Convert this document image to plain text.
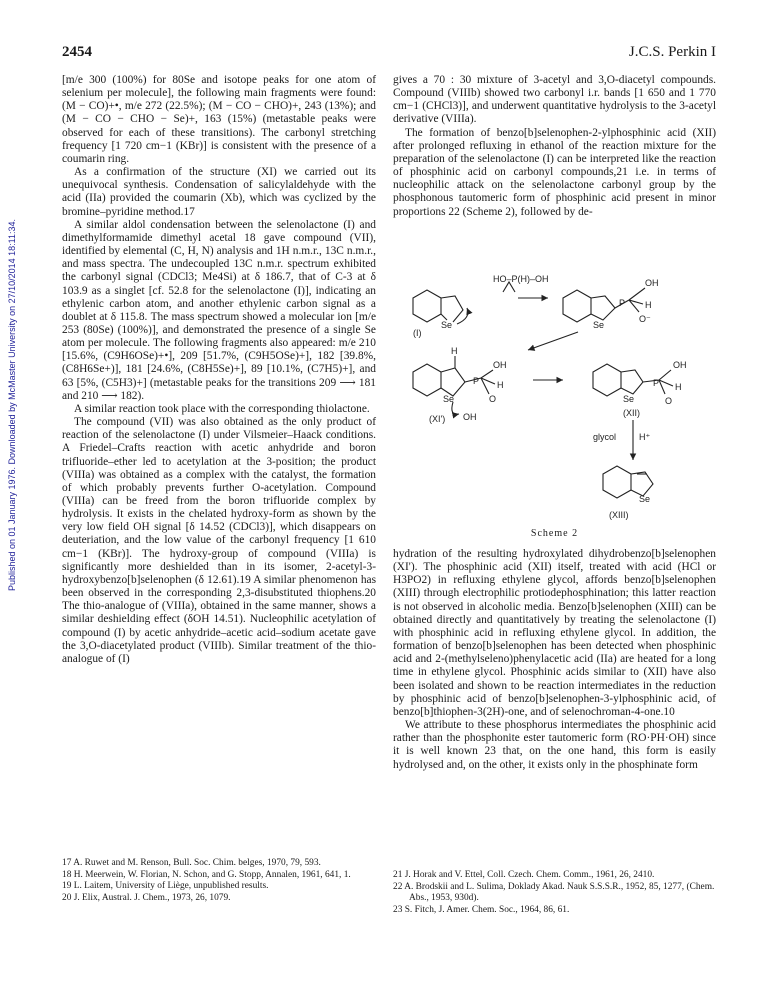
2454	J.C.S. Perkin I
Published on 01 January 1976. Downloaded by McMaster University on 27/10/2014 18:11:34.

[m/e 300 (100%) for 80Se and isotope peaks for one atom of selenium per molecule], the following main fragments were found: (M − CO)+•, m/e 272 (22.5%); (M − CO − CHO)+, 243 (13%); and (M − CO − CHO − Se)+, 163 (15%) (metastable peaks were observed for each of these transitions). The carbonyl stretching frequency [1 720 cm−1 (KBr)] is consistent with the presence of a coumarin ring.

As a confirmation of the structure (XI) we carried out its unequivocal synthesis. Condensation of salicylaldehyde with the acid (IIa) provided the coumarin (Xb), which was cyclized by the bromine–pyridine method.17

A similar aldol condensation between the selenolactone (I) and dimethylformamide dimethyl acetal 18 gave compound (VII), identified by elemental (C, H, N) analysis and 1H n.m.r., 13C n.m.r., and mass spectra. The undecoupled 13C n.m.r. spectrum exhibited the carbonyl signal (CDCl3; Me4Si) at δ 186.7, that of C-3 at δ 103.9 as a singlet [cf. 52.8 for the selenolactone (I)], indicating an ethylenic carbon atom, and another ethylenic carbon signal as a doublet at δ 115.8. The mass spectrum showed a molecular ion [m/e 253 (80Se) (100%)], and demonstrated the presence of a single Se atom per molecule. The following fragments also appeared: m/e 210 [15.6%, (C9H6OSe)+•], 209 [51.7%, (C9H5OSe)+], 182 [39.8%, (C8H6Se+)], 181 [24.6%, (C8H5Se)+], 89 [10.1%, (C7H5)+], and 63 [5%, (C5H3)+] (metastable peaks for the transitions 209 ⟶ 181 and 210 ⟶ 182).

A similar reaction took place with the corresponding thiolactone.

The compound (VII) was also obtained as the only product of reaction of the selenolactone (I) under Vilsmeier–Haack conditions. A Friedel–Crafts reaction with acetic anhydride and boron trifluoride–ether led to acetylation at the 3-position; the product (VIIIa) was obtained as a complex with the catalyst, the formation of which probably prevents further O-acetylation. Compound (VIIIa) can be freed from the boron trifluoride complex by hydrolysis. It exists in the chelated hydroxy-form as shown by the very low field OH signal [δ 14.52 (CDCl3)], which disappears on deuteriation, and the low value of the carbonyl frequency [1 610 cm−1 (KBr)]. The hydroxy-group of compound (VIIIa) is significantly more deshielded than in its isomer, 2-acetyl-3-hydroxybenzo[b]selenophen (δ 12.61).19 A similar phenomenon has been observed in the corresponding 2,3-disubstituted thiophens.20 The thio-analogue of (VIIIa), obtained in the same manner, shows a similar deshielding effect (δOH 14.51). Nucleophilic acetylation of compound (I) by acetic anhydride–acetic acid–sodium acetate gave the 3,O-diacetylated product (VIIIb). Similar treatment of the thio-analogue of (I)

gives a 70 : 30 mixture of 3-acetyl and 3,O-diacetyl compounds. Compound (VIIIb) showed two carbonyl i.r. bands [1 650 and 1 770 cm−1 (CHCl3)], and underwent quantitative hydrolysis to the 3-acetyl derivative (VIIIa).

The formation of benzo[b]selenophen-2-ylphosphinic acid (XII) after prolonged refluxing in ethanol of the reaction mixture for the preparation of the selenolactone (I) can be interpreted like the reaction of phosphinic acid on carbonyl compounds,21 i.e. in terms of nucleophilic attack on the selenolactone carbonyl group by the phosphonous tautomeric form of phosphinic acid present in minor proportions 22 (Scheme 2), followed by de-

HO–P(H)–OH
Se
(I)
Se
P
OH
H
O⁻
H
Se
P
OH
H
O
OH
(XI')
Se
P
OH
H
O
(XII)
glycol	H⁺
Se
(XIII)
Scheme 2

hydration of the resulting hydroxylated dihydrobenzo[b]selenophen (XI'). The phosphinic acid (XII) itself, treated with acid (HCl or H3PO2) in refluxing ethylene glycol, affords benzo[b]selenophen (XIII) through electrophilic protiodephosphination; this latter reaction is not observed in alcoholic media. Benzo[b]selenophen (XIII) can be obtained directly and quantitatively by treating the selenolactone (I) with phosphinic acid in refluxing ethylene glycol. In addition, the formation of benzo[b]selenophen has been detected when phosphinic acid and 2-(methylseleno)phenylacetic acid (IIa) are heated for a long time in ethylene glycol. Phosphinic acids similar to (XII) have also been isolated and shown to be reaction intermediates in the reduction by phosphinic acid of benzo[b]selenophen-3-ylphosphinic acid, of benzo[b]thiophen-3(2H)-one, and of selenochroman-4-one.10

We attribute to these phosphorus intermediates the phosphinic acid rather than the phosphonite ester tautomeric form (RO·PH·OH) since it is well known 23 that, on the one hand, this form is easily hydrolysed and, on the other, it exists only in the phosphinate form

17 A. Ruwet and M. Renson, Bull. Soc. Chim. belges, 1970, 79, 593.

18 H. Meerwein, W. Florian, N. Schon, and G. Stopp, Annalen, 1961, 641, 1.

19 L. Laitem, University of Liège, unpublished results.

20 J. Elix, Austral. J. Chem., 1973, 26, 1079.

21 J. Horak and V. Ettel, Coll. Czech. Chem. Comm., 1961, 26, 2410.

22 A. Brodskii and L. Sulima, Doklady Akad. Nauk S.S.S.R., 1952, 85, 1277, (Chem. Abs., 1953, 930d).

23 S. Fitch, J. Amer. Chem. Soc., 1964, 86, 61.
